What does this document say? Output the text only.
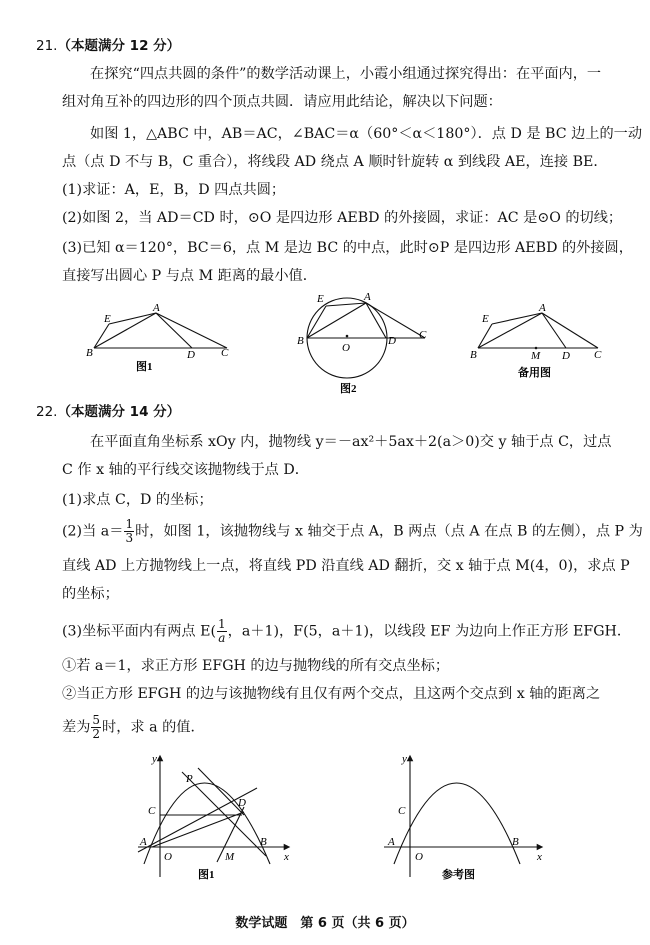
21.（本题满分 12 分）
在探究“四点共圆的条件”的数学活动课上，小霞小组通过探究得出：在平面内，一
组对角互补的四边形的四个顶点共圆．请应用此结论，解决以下问题：
如图 1，△ABC 中，AB＝AC，∠BAC＝α（60°＜α＜180°）．点 D 是 BC 边上的一动
点（点 D 不与 B，C 重合），将线段 AD 绕点 A 顺时针旋转 α 到线段 AE，连接 BE．
(1)求证：A，E，B，D 四点共圆；
(2)如图 2，当 AD＝CD 时，⊙O 是四边形 AEBD 的外接圆，求证：AC 是⊙O 的切线；
(3)已知 α＝120°，BC＝6，点 M 是边 BC 的中点，此时⊙P 是四边形 AEBD 的外接圆，
直接写出圆心 P 与点 M 距离的最小值．
E
A
B	D C
图1
E	A
B
O
D C
图2
E
A
B	M D C
备用图
22.（本题满分 14 分）
在平面直角坐标系 xOy 内，抛物线 y＝－ax²＋5ax＋2(a＞0)交 y 轴于点 C，过点
C 作 x 轴的平行线交该抛物线于点 D．
(1)求点 C，D 的坐标；
(2)当 $a= \frac{1}{3}$ 时，如图 1，该抛物线与 x 轴交于点 A，B 两点（点 A 在点 B 的左侧），点 P 为
直线 AD 上方抛物线上一点，将直线 PD 沿直线 AD 翻折，交 x 轴于点 M(4，0)，求点 P
的坐标；
(3)坐标平面内有两点 $E( \frac{1}{a}$ ，a＋1)，F(5，a＋1)，以线段 EF 为边向上作正方形 EFGH．
①若 a＝1，求正方形 EFGH 的边与抛物线的所有交点坐标；
②当正方形 EFGH 的边与该抛物线有且仅有两个交点，且这两个交点到 x 轴的距离之
差为 $\frac{5}{2}$ 时，求 a 的值．
y
x
P
C
D
A
O	M
B
图1
y
x
C
A
O
B
参考图
数学试题　第 6 页（共 6 页）
